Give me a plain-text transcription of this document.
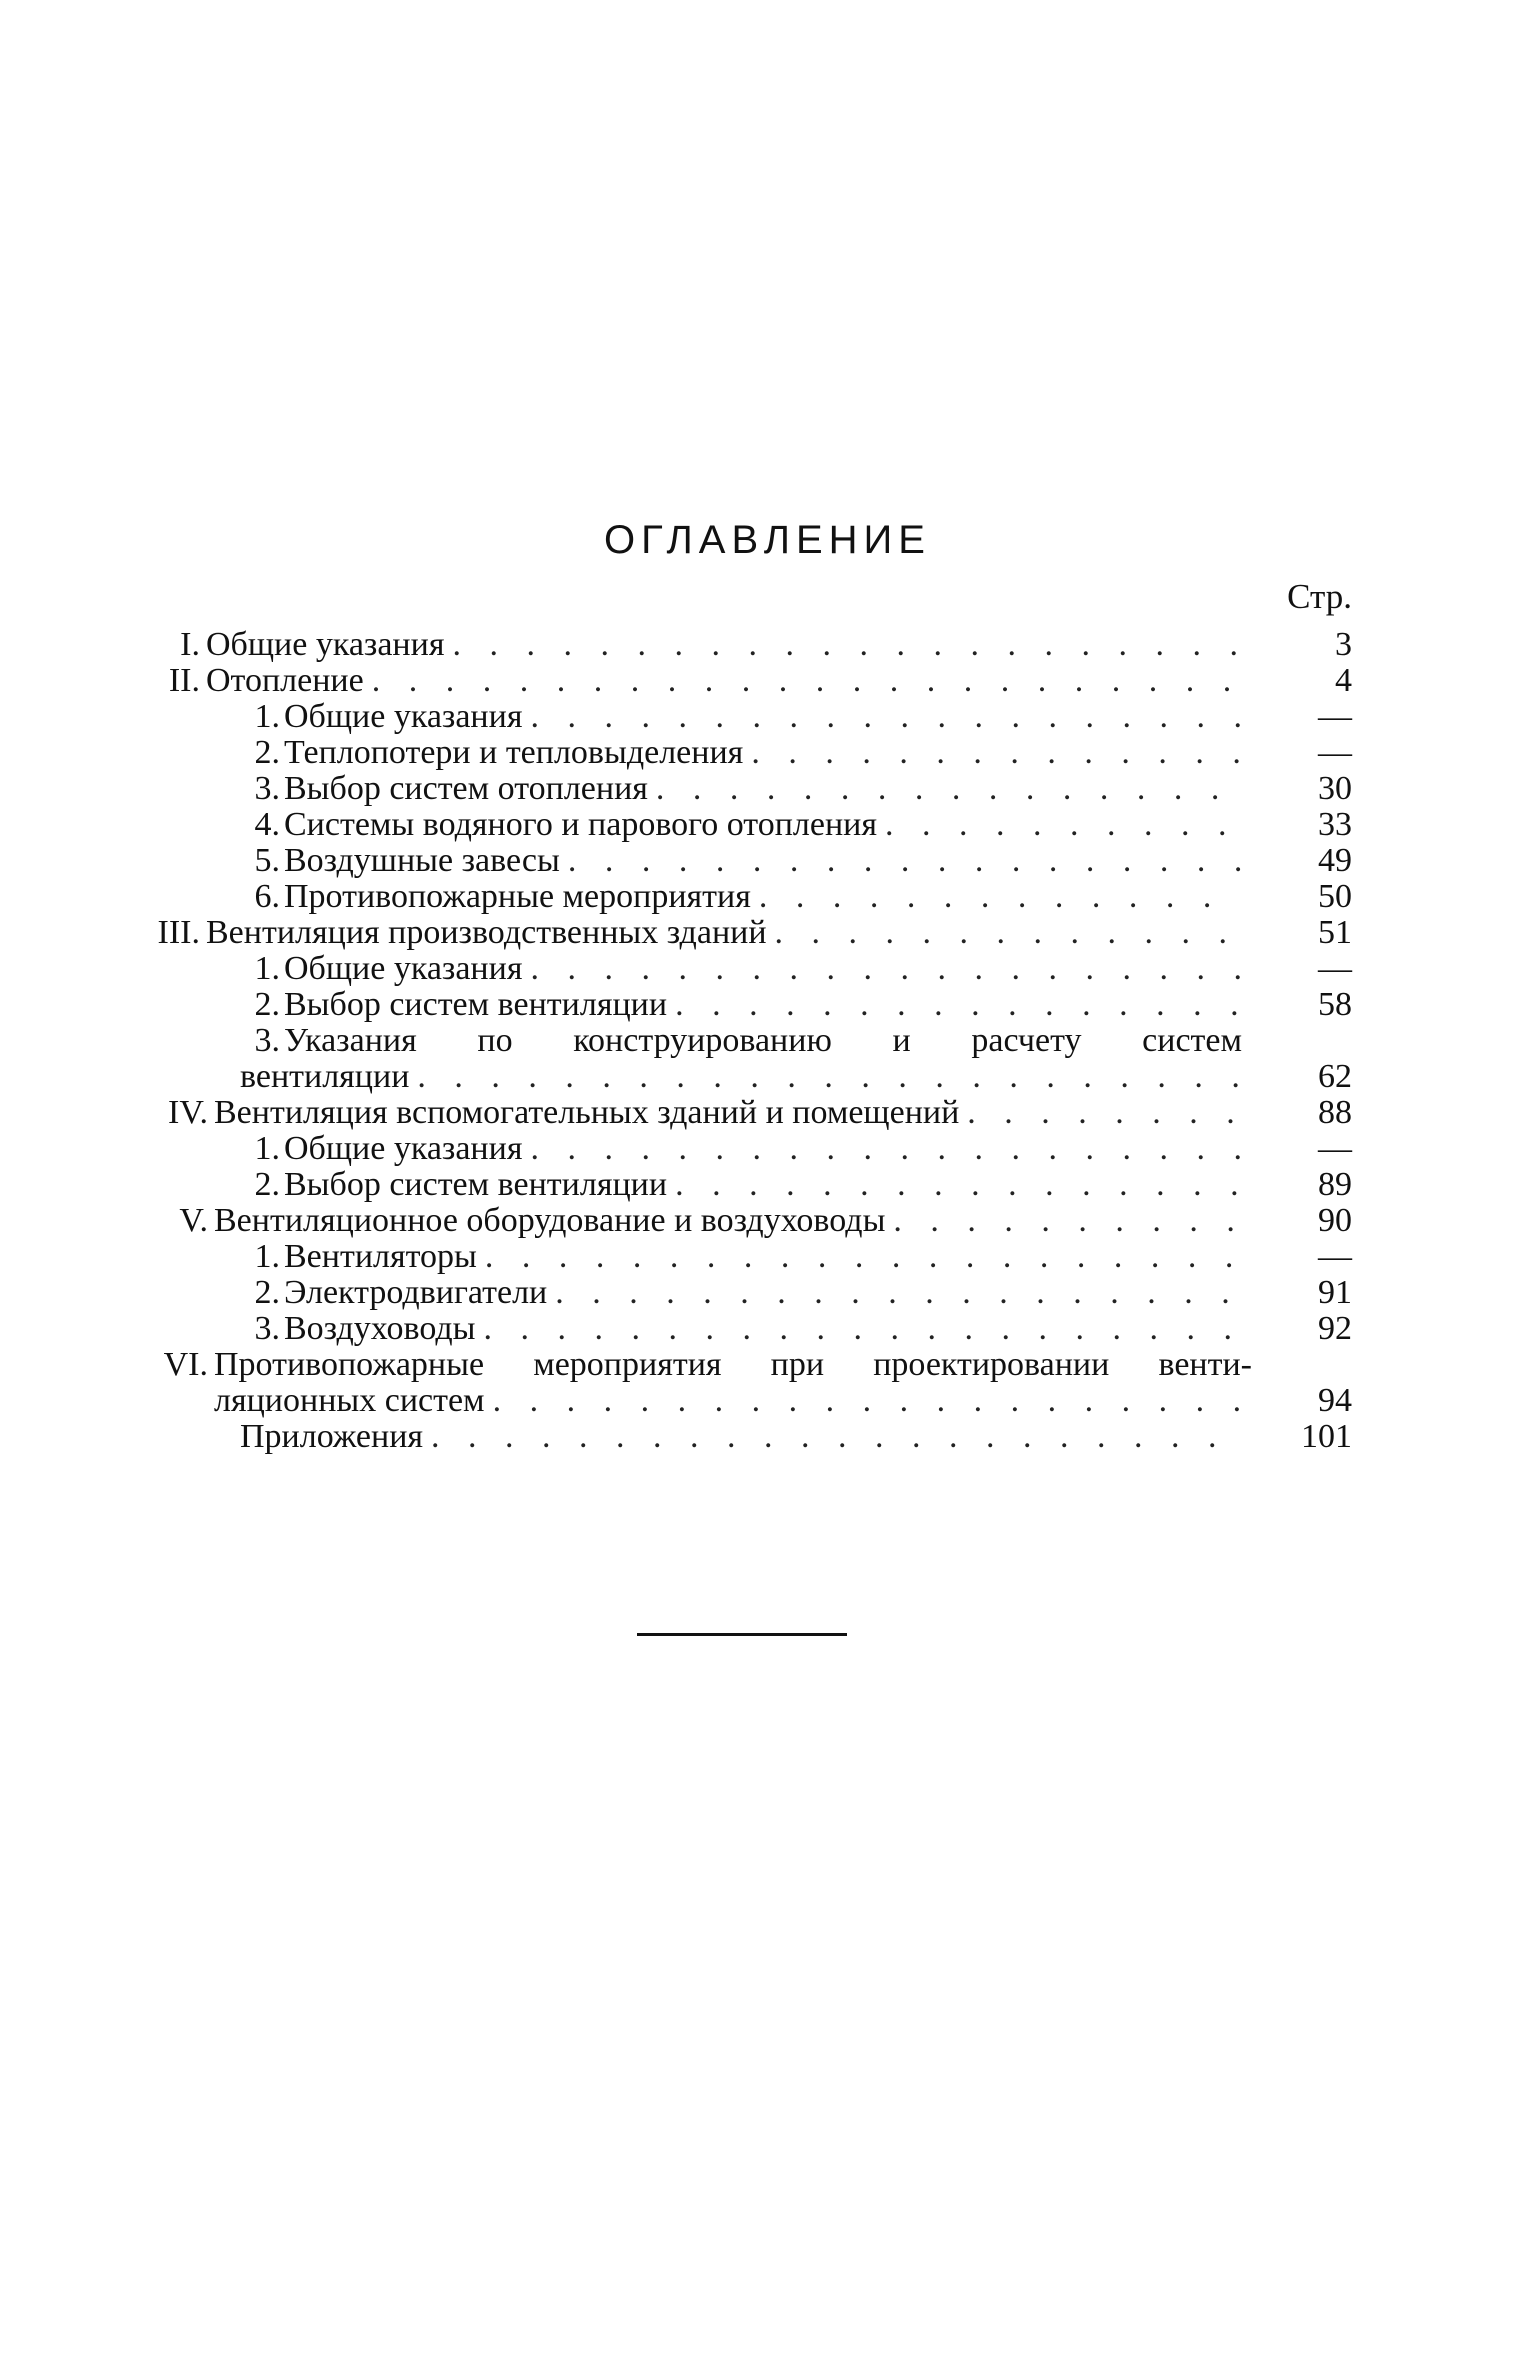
ОГЛАВЛЕНИЕ
Стр.
I. Общие указания . . .	3
II. Отопление . . .	4
1. Общие указания . . .	—
2. Теплопотери и тепловыделения . . .	—
3. Выбор систем отопления . . .	30
4. Системы водяного и парового отопления . . .	33
5. Воздушные завесы . . .	49
6. Противопожарные мероприятия . . .	50
III. Вентиляция производственных зданий . . .	51
1. Общие указания . . .	—
2. Выбор систем вентиляции . . .	58
3. Указания по конструированию и расчету систем
вентиляции . . .	62
IV. Вентиляция вспомогательных зданий и помещений . . .	88
1. Общие указания . . .	—
2. Выбор систем вентиляции . . .	89
V. Вентиляционное оборудование и воздуховоды . . .	90
1. Вентиляторы . . .	—
2. Электродвигатели . . .	91
3. Воздуховоды . . .	92
VI. Противопожарные мероприятия при проектировании венти-
ляционных систем . . .	94
Приложения . . .	101
